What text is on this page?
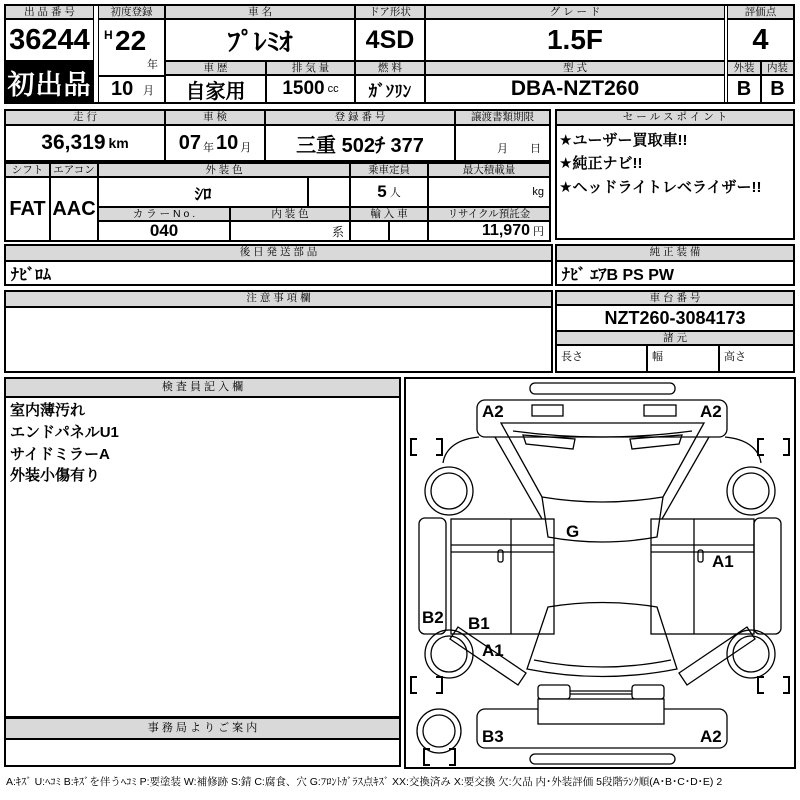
出 品 番 号
36244
初出品
初度登録
H 22
年
10 月
車 名
ﾌﾟﾚﾐｵ
車 歴
自家用
排 気 量
1500 cc
ドア形状
4SD
燃 料
ｶﾞｿﾘﾝ
グ レ ー ド
1.5F
型 式
DBA-NZT260
評価点
4
外装	内装
B B
走 行
36,319 km
車 検
07 年 10 月
登 録 番 号
三重 502ﾁ 377
譲渡書類期限
月　　日
セ ー ル ス ポ イ ン ト
★ユーザー買取車!!
★純正ナビ!!
★ヘッドライトレベライザー!!
シフト
FAT
エアコン
AAC
外 装 色
ｼﾛ
乗車定員
5 人
最大積載量
kg
カ ラ ー N o .
040
内 装 色
系
輸 入 車	リサイクル預託金
11,970 円
後 日 発 送 部 品
ﾅﾋﾞﾛﾑ
注 意 事 項 欄
純 正 装 備
ﾅﾋﾞ ｴｱB PS PW
車 台 番 号
NZT260-3084173
諸 元
長さ	幅	高さ
検 査 員 記 入 欄
室内薄汚れ
エンドパネルU1
サイドミラーA
外装小傷有り
事 務 局 よ り ご 案 内
A2	A2
G
A1
B2 B1
A1
B3	A2
A:ｷｽﾞ U:ﾍｺﾐ B:ｷｽﾞを伴うﾍｺﾐ P:要塗装 W:補修跡 S:錆 C:腐食、穴 G:ﾌﾛﾝﾄｶﾞﾗｽ点ｷｽﾞ XX:交換済み X:要交換 欠:欠品 内･外装評価 5段階ﾗﾝｸ順(A･B･C･D･E) 2
